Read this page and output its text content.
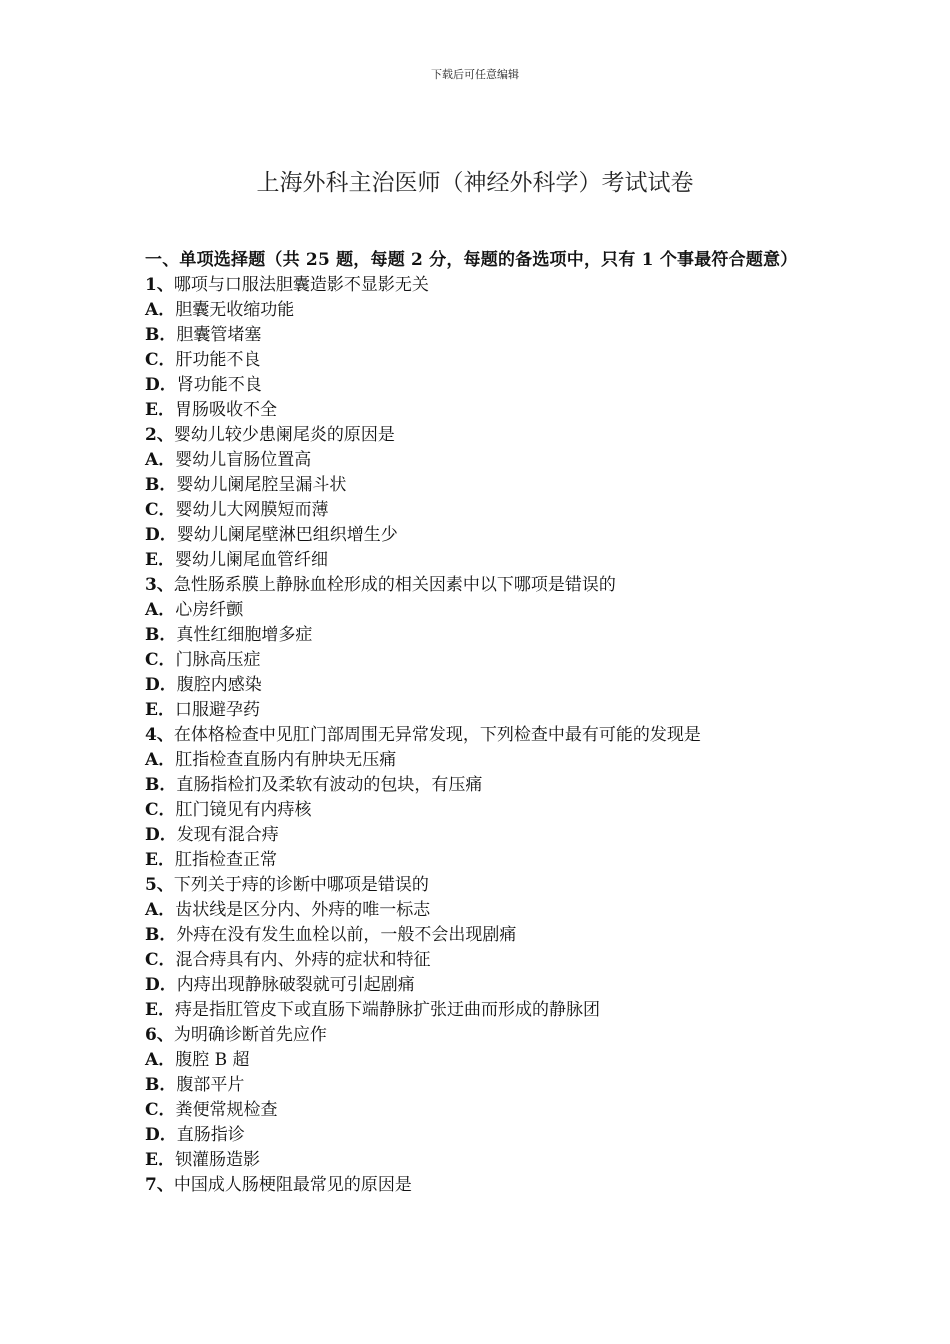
下载后可任意编辑
上海外科主治医师（神经外科学）考试试卷

一、单项选择题（共 25 题，每题 2 分，每题的备选项中，只有 1 个事最符合题意）

1、哪项与口服法胆囊造影不显影无关

A．胆囊无收缩功能

B．胆囊管堵塞

C．肝功能不良

D．肾功能不良

E．胃肠吸收不全

2、婴幼儿较少患阑尾炎的原因是

A．婴幼儿盲肠位置高

B．婴幼儿阑尾腔呈漏斗状

C．婴幼儿大网膜短而薄

D．婴幼儿阑尾壁淋巴组织增生少

E．婴幼儿阑尾血管纤细

3、急性肠系膜上静脉血栓形成的相关因素中以下哪项是错误的

A．心房纤颤

B．真性红细胞增多症

C．门脉高压症

D．腹腔内感染

E．口服避孕药

4、在体格检查中见肛门部周围无异常发现，下列检查中最有可能的发现是

A．肛指检查直肠内有肿块无压痛

B．直肠指检扪及柔软有波动的包块，有压痛

C．肛门镜见有内痔核

D．发现有混合痔

E．肛指检查正常

5、下列关于痔的诊断中哪项是错误的

A．齿状线是区分内、外痔的唯一标志

B．外痔在没有发生血栓以前，一般不会出现剧痛

C．混合痔具有内、外痔的症状和特征

D．内痔出现静脉破裂就可引起剧痛

E．痔是指肛管皮下或直肠下端静脉扩张迂曲而形成的静脉团

6、为明确诊断首先应作

A．腹腔 B 超

B．腹部平片

C．粪便常规检查

D．直肠指诊

E．钡灌肠造影

7、中国成人肠梗阻最常见的原因是
